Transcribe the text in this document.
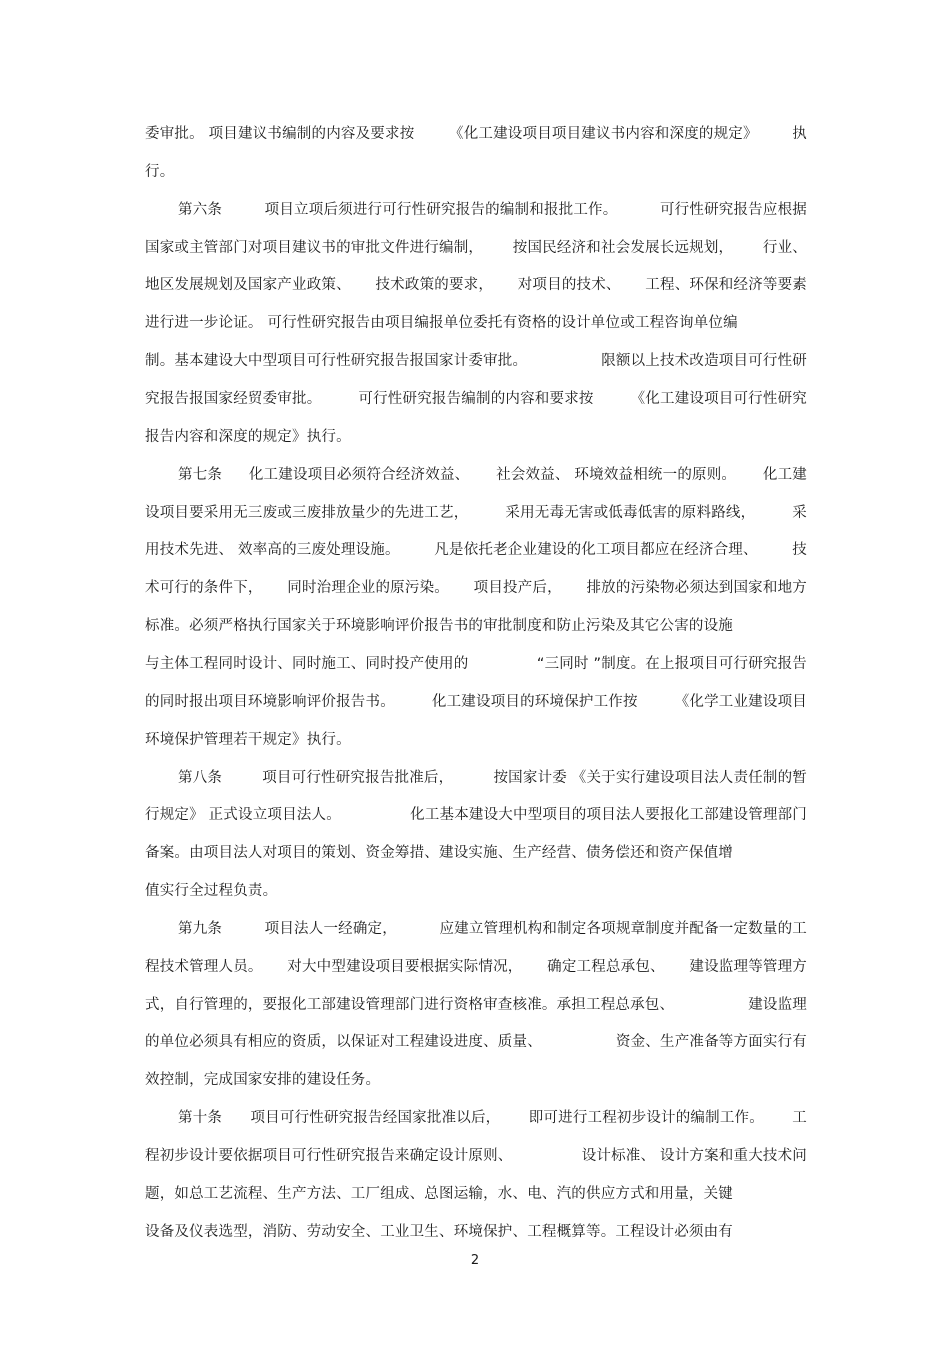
委审批。 项目建议书编制的内容及要求按 《化工建设项目项目建议书内容和深度的规定》 执
行。
第六条	项目立项后须进行可行性研究报告的编制和报批工作。	可行性研究报告应根据
国家或主管部门对项目建议书的审批文件进行编制， 按国民经济和社会发展长远规划， 行业、
地区发展规划及国家产业政策、 技术政策的要求， 对项目的技术、 工程、环保和经济等要素
进行进一步论证。 可行性研究报告由项目编报单位委托有资格的设计单位或工程咨询单位编
制。基本建设大中型项目可行性研究报告报国家计委审批。	限额以上技术改造项目可行性研
究报告报国家经贸委审批。	可行性研究报告编制的内容和要求按	《化工建设项目可行性研究
报告内容和深度的规定》执行。
第七条 化工建设项目必须符合经济效益、 社会效益、 环境效益相统一的原则。 化工建
设项目要采用无三废或三废排放量少的先进工艺，	采用无毒无害或低毒低害的原料路线，	采
用技术先进、 效率高的三废处理设施。 凡是依托老企业建设的化工项目都应在经济合理、 技
术可行的条件下， 同时治理企业的原污染。 项目投产后， 排放的污染物必须达到国家和地方
标准。必须严格执行国家关于环境影响评价报告书的审批制度和防止污染及其它公害的设施
与主体工程同时设计、同时施工、同时投产使用的	“三同时 ”制度。在上报项目可行研究报告
的同时报出项目环境影响评价报告书。	化工建设项目的环境保护工作按	《化学工业建设项目
环境保护管理若干规定》执行。
第八条	项目可行性研究报告批准后，	按国家计委 《关于实行建设项目法人责任制的暂
行规定》 正式设立项目法人。	化工基本建设大中型项目的项目法人要报化工部建设管理部门
备案。由项目法人对项目的策划、资金筹措、建设实施、生产经营、债务偿还和资产保值增
值实行全过程负责。
第九条	项目法人一经确定，	应建立管理机构和制定各项规章制度并配备一定数量的工
程技术管理人员。 对大中型建设项目要根据实际情况， 确定工程总承包、 建设监理等管理方
式，自行管理的，要报化工部建设管理部门进行资格审查核准。承担工程总承包、	建设监理
的单位必须具有相应的资质，以保证对工程建设进度、质量、	资金、生产准备等方面实行有
效控制，完成国家安排的建设任务。
第十条 项目可行性研究报告经国家批准以后， 即可进行工程初步设计的编制工作。 工
程初步设计要依据项目可行性研究报告来确定设计原则、	设计标准、 设计方案和重大技术问
题，如总工艺流程、生产方法、工厂组成、总图运输，水、电、汽的供应方式和用量，关键
设备及仪表选型，消防、劳动安全、工业卫生、环境保护、工程概算等。工程设计必须由有
2
